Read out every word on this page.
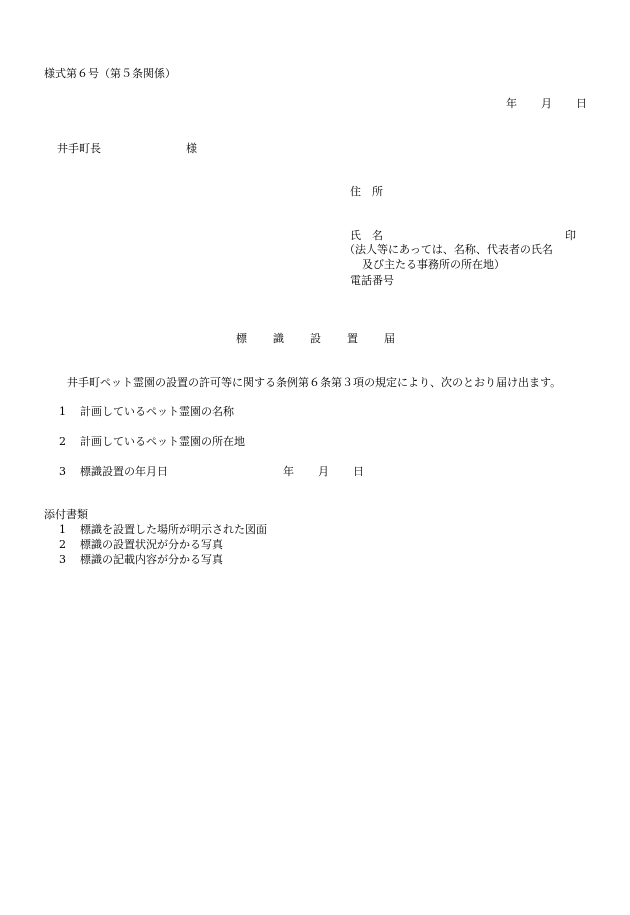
様式第６号（第５条関係）

年 月 日
井手町長	様
住　所
氏　名	印
（法人等にあっては、名称、代表者の氏名
及び主たる事務所の所在地）
電話番号
標 識 設 置 届

井手町ペット霊園の設置の許可等に関する条例第６条第３項の規定により、次のとおり届け出ます。

1 計画しているペット霊園の名称
2 計画しているペット霊園の所在地
3 標識設置の年月日	年 月 日
添付書類
1 標識を設置した場所が明示された図面
2 標識の設置状況が分かる写真
3 標識の記載内容が分かる写真
